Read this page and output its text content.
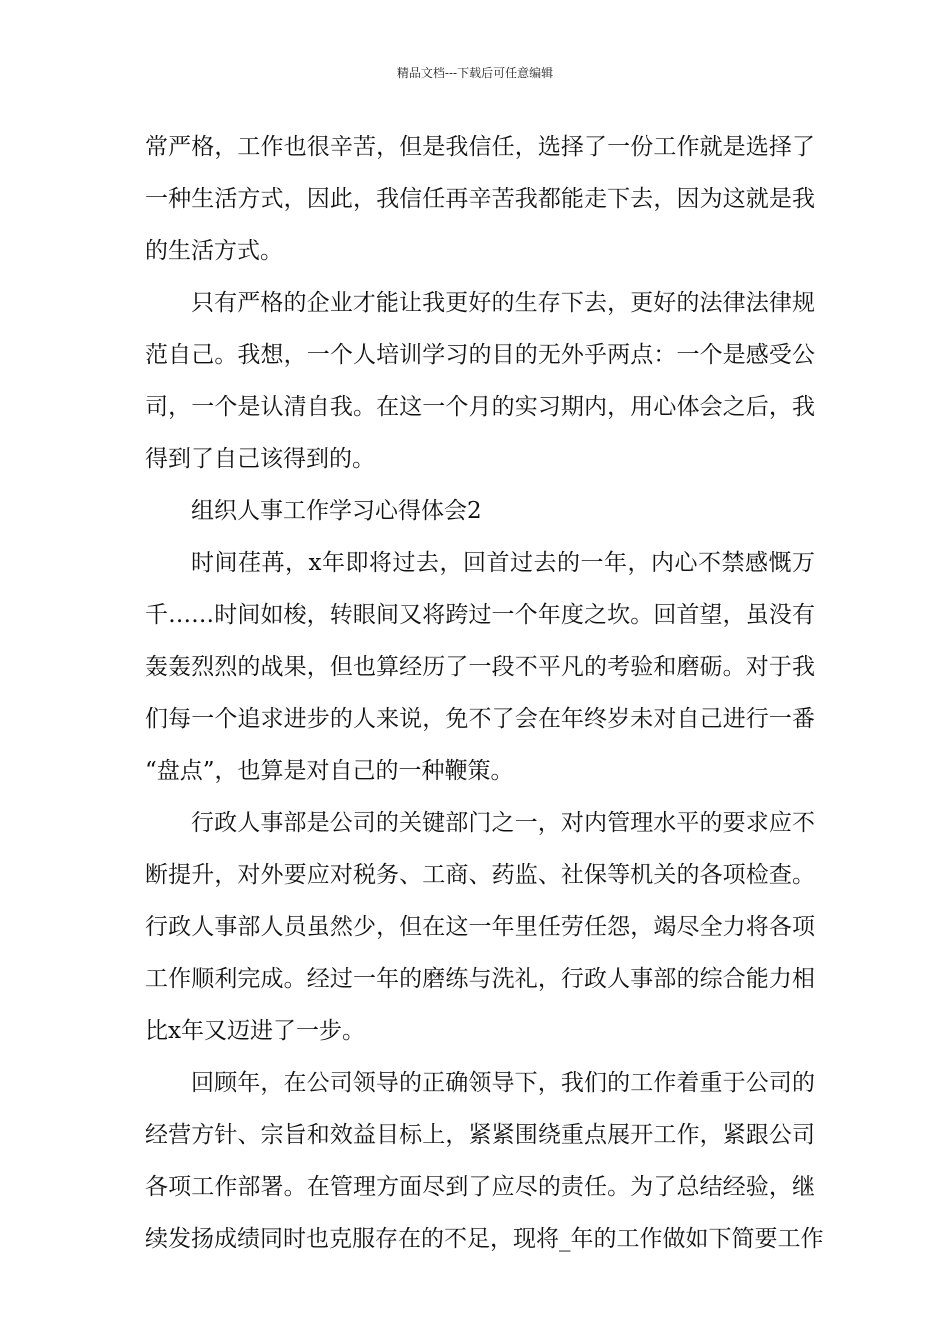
精品文档---下载后可任意编辑
常严格，工作也很辛苦，但是我信任，选择了一份工作就是选择了
一种生活方式，因此，我信任再辛苦我都能走下去，因为这就是我
的生活方式。
只有严格的企业才能让我更好的生存下去，更好的法律法律规
范自己。我想，一个人培训学习的目的无外乎两点：一个是感受公
司，一个是认清自我。在这一个月的实习期内，用心体会之后，我
得到了自己该得到的。
组织人事工作学习心得体会2
时间荏苒，x年即将过去，回首过去的一年，内心不禁感慨万
千……时间如梭，转眼间又将跨过一个年度之坎。回首望，虽没有
轰轰烈烈的战果，但也算经历了一段不平凡的考验和磨砺。对于我
们每一个追求进步的人来说，免不了会在年终岁未对自己进行一番
“盘点”，也算是对自己的一种鞭策。
行政人事部是公司的关键部门之一，对内管理水平的要求应不
断提升，对外要应对税务、工商、药监、社保等机关的各项检查。
行政人事部人员虽然少，但在这一年里任劳任怨，竭尽全力将各项
工作顺利完成。经过一年的磨练与洗礼，行政人事部的综合能力相
比x年又迈进了一步。
回顾年，在公司领导的正确领导下，我们的工作着重于公司的
经营方针、宗旨和效益目标上，紧紧围绕重点展开工作，紧跟公司
各项工作部署。在管理方面尽到了应尽的责任。为了总结经验，继
续发扬成绩同时也克服存在的不足，现将_年的工作做如下简要工作
